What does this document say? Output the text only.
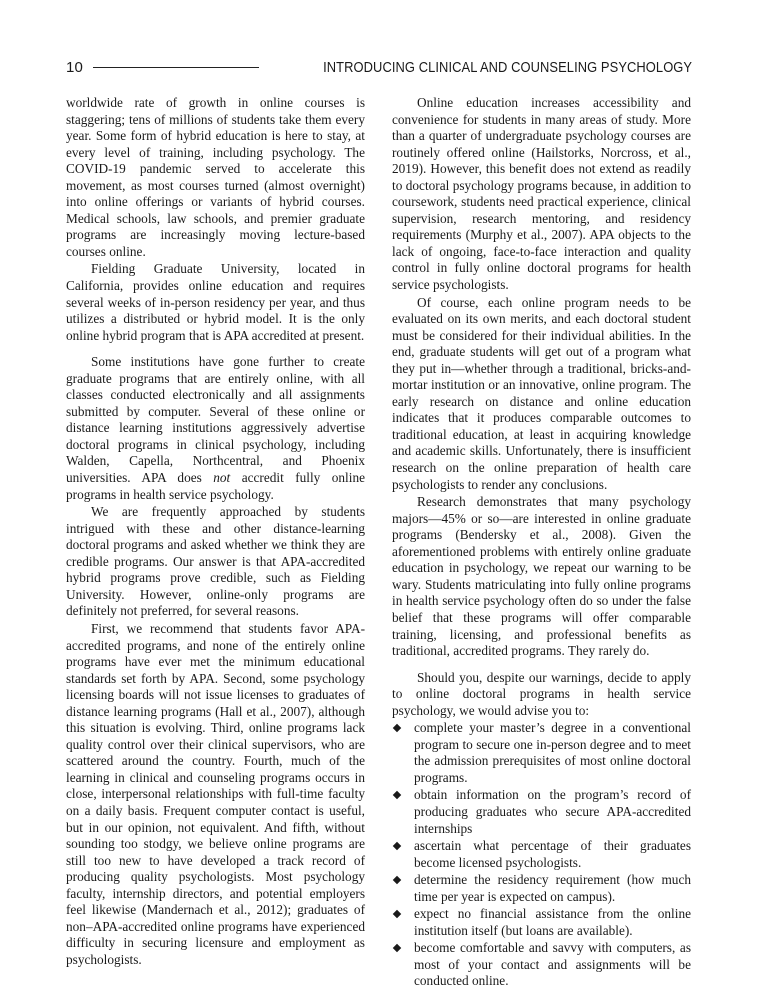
10	INTRODUCING CLINICAL AND COUNSELING PSYCHOLOGY

worldwide rate of growth in online courses is staggering; tens of millions of students take them every year. Some form of hybrid education is here to stay, at every level of training, including psychology. The COVID-19 pandemic served to accelerate this movement, as most courses turned (almost overnight) into online offerings or variants of hybrid courses. Medical schools, law schools, and premier graduate programs are increasingly moving lecture-based courses online.

Fielding Graduate University, located in California, provides online education and requires several weeks of in-person residency per year, and thus utilizes a distributed or hybrid model. It is the only online hybrid program that is APA accredited at present.

Some institutions have gone further to create graduate programs that are entirely online, with all classes conducted electronically and all assignments submitted by computer. Several of these online or distance learning institutions aggressively advertise doctoral programs in clinical psychology, including Walden, Capella, Northcentral, and Phoenix universities. APA does not accredit fully online programs in health service psychology.

We are frequently approached by students intrigued with these and other distance-learning doctoral programs and asked whether we think they are credible programs. Our answer is that APA-accredited hybrid programs prove credible, such as Fielding University. However, online-only programs are definitely not preferred, for several reasons.

First, we recommend that students favor APA-accredited programs, and none of the entirely online programs have ever met the minimum educational standards set forth by APA. Second, some psychology licensing boards will not issue licenses to graduates of distance learning programs (Hall et al., 2007), although this situation is evolving. Third, online programs lack quality control over their clinical supervisors, who are scattered around the country. Fourth, much of the learning in clinical and counseling programs occurs in close, interpersonal relationships with full-time faculty on a daily basis. Frequent computer contact is useful, but in our opinion, not equivalent. And fifth, without sounding too stodgy, we believe online programs are still too new to have developed a track record of producing quality psychologists. Most psychology faculty, internship directors, and potential employers feel likewise (Mandernach et al., 2012); graduates of non–APA-accredited online programs have experienced difficulty in securing licensure and employment as psychologists.

Online education increases accessibility and convenience for students in many areas of study. More than a quarter of undergraduate psychology courses are routinely offered online (Hailstorks, Norcross, et al., 2019). However, this benefit does not extend as readily to doctoral psychology programs because, in addition to coursework, students need practical experience, clinical supervision, research mentoring, and residency requirements (Murphy et al., 2007). APA objects to the lack of ongoing, face-to-face interaction and quality control in fully online doctoral programs for health service psychologists.

Of course, each online program needs to be evaluated on its own merits, and each doctoral student must be considered for their individual abilities. In the end, graduate students will get out of a program what they put in—whether through a traditional, bricks-and-mortar institution or an innovative, online program. The early research on distance and online education indicates that it produces comparable outcomes to traditional education, at least in acquiring knowledge and academic skills. Unfortunately, there is insufficient research on the online preparation of health care psychologists to render any conclusions.

Research demonstrates that many psychology majors—45% or so—are interested in online graduate programs (Bendersky et al., 2008). Given the aforementioned problems with entirely online graduate education in psychology, we repeat our warning to be wary. Students matriculating into fully online programs in health service psychology often do so under the false belief that these programs will offer comparable training, licensing, and professional benefits as traditional, accredited programs. They rarely do.

Should you, despite our warnings, decide to apply to online doctoral programs in health service psychology, we would advise you to:

complete your master’s degree in a conventional program to secure one in-person degree and to meet the admission prerequisites of most online doctoral programs.
obtain information on the program’s record of producing graduates who secure APA-accredited internships
ascertain what percentage of their graduates become licensed psychologists.
determine the residency requirement (how much time per year is expected on campus).
expect no financial assistance from the online institution itself (but loans are available).
become comfortable and savvy with computers, as most of your contact and assignments will be conducted online.
